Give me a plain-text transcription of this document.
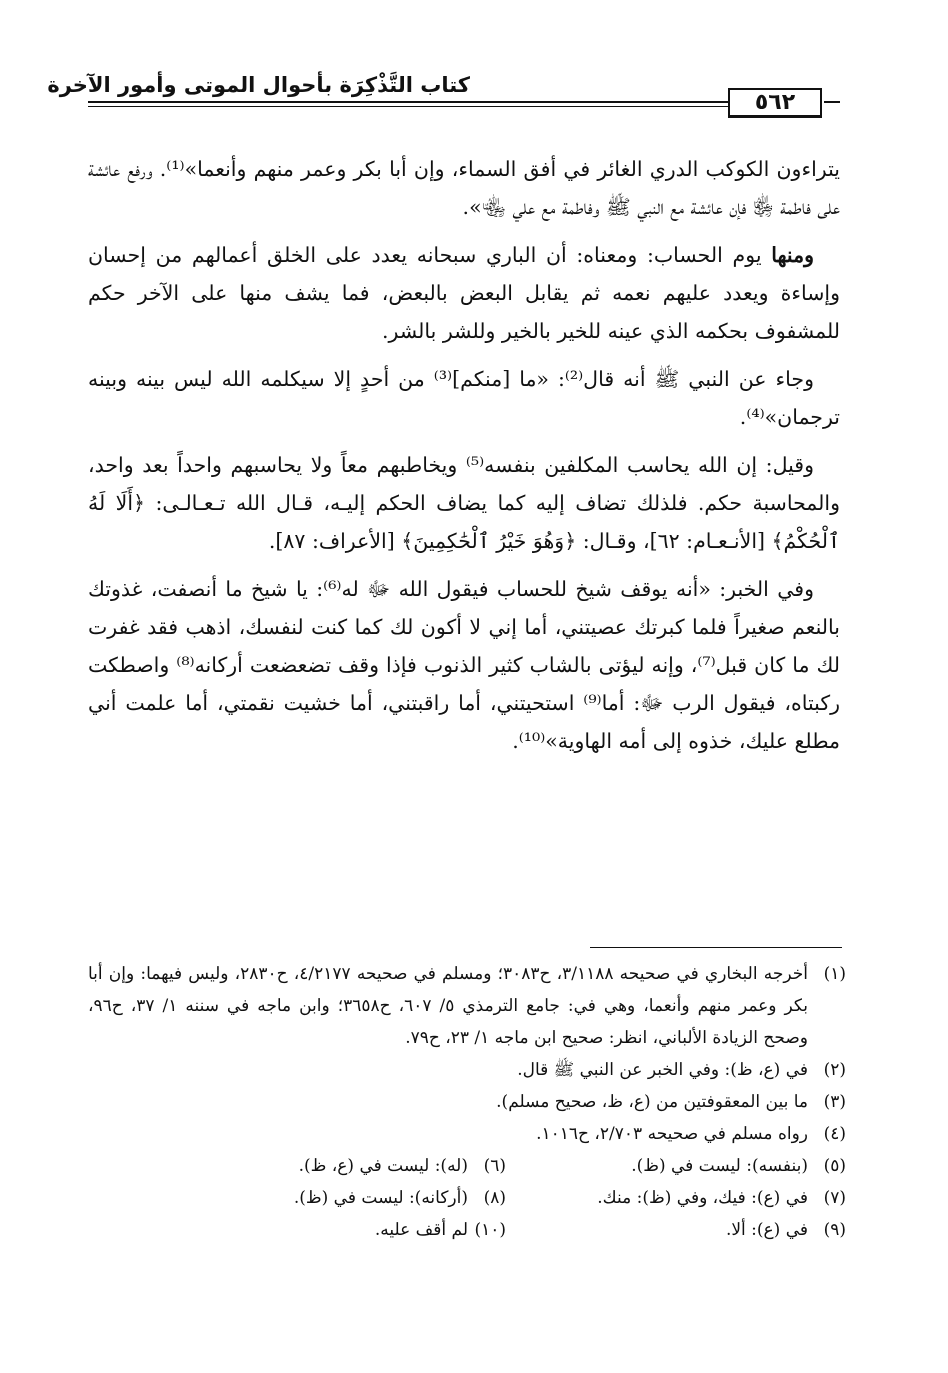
كتاب التَّذْكِرَة بأحوال الموتى وأمور الآخرة
٥٦٢

يتراءون الكوكب الدري الغائر في أفق السماء، وإن أبا بكر وعمر منهم وأنعما»⁽¹⁾. ورفع عائشة على فاطمة ﵂ فإن عائشة مع النبي ﷺ وفاطمة مع علي ﵄».

ومنها يوم الحساب: ومعناه: أن الباري سبحانه يعدد على الخلق أعمالهم من إحسان وإساءة ويعدد عليهم نعمه ثم يقابل البعض بالبعض، فما يشف منها على الآخر حكم للمشفوف بحكمه الذي عينه للخير بالخير وللشر بالشر.

وجاء عن النبي ﷺ أنه قال⁽²⁾: «ما [منكم]⁽³⁾ من أحدٍ إلا سيكلمه الله ليس بينه وبينه ترجمان»⁽⁴⁾.

وقيل: إن الله يحاسب المكلفين بنفسه⁽⁵⁾ ويخاطبهم معاً ولا يحاسبهم واحداً بعد واحد، والمحاسبة حكم. فلذلك تضاف إليه كما يضاف الحكم إليـه، قـال الله تـعـالـى: ﴿أَلَا لَهُ ٱلْحُكْمُ﴾ [الأنـعـام: ٦٢]، وقـال: ﴿وَهُوَ خَيْرُ ٱلْحَٰكِمِينَ﴾ [الأعراف: ٨٧].

وفي الخبر: «أنه يوقف شيخ للحساب فيقول الله ﷻ له⁽⁶⁾: يا شيخ ما أنصفت، غذوتك بالنعم صغيراً فلما كبرتك عصيتني، أما إني لا أكون لك كما كنت لنفسك، اذهب فقد غفرت لك ما كان قبل⁽⁷⁾، وإنه ليؤتى بالشاب كثير الذنوب فإذا وقف تضعضعت أركانه⁽⁸⁾ واصطكت ركبتاه، فيقول الرب ﷻ: أما⁽⁹⁾ استحيتني، أما راقبتني، أما خشيت نقمتي، أما علمت أني مطلع عليك، خذوه إلى أمه الهاوية»⁽¹⁰⁾.

(١)
أخرجه البخاري في صحيحه ٣/١١٨٨، ح٣٠٨٣؛ ومسلم في صحيحه ٤/٢١٧٧، ح٢٨٣٠، وليس فيهما: وإن أبا بكر وعمر منهم وأنعما، وهي في: جامع الترمذي ٥/ ٦٠٧، ح٣٦٥٨؛ وابن ماجه في سننه ١/ ٣٧، ح٩٦، وصحح الزيادة الألباني، انظر: صحيح ابن ماجه ١/ ٢٣، ح٧٩.
(٢)
في (ع، ظ): وفي الخبر عن النبي ﷺ قال.
(٣)
ما بين المعقوفتين من (ع، ظ، صحيح مسلم).
(٤)
رواه مسلم في صحيحه ٢/٧٠٣، ح١٠١٦.
(٥)
(بنفسه): ليست في (ظ).
(٦)
(له): ليست في (ع، ظ).
(٧)
في (ع): فيك، وفي (ظ): منك.
(٨)
(أركانه): ليست في (ظ).
(٩)
في (ع): ألا.
(١٠)
لم أقف عليه.
